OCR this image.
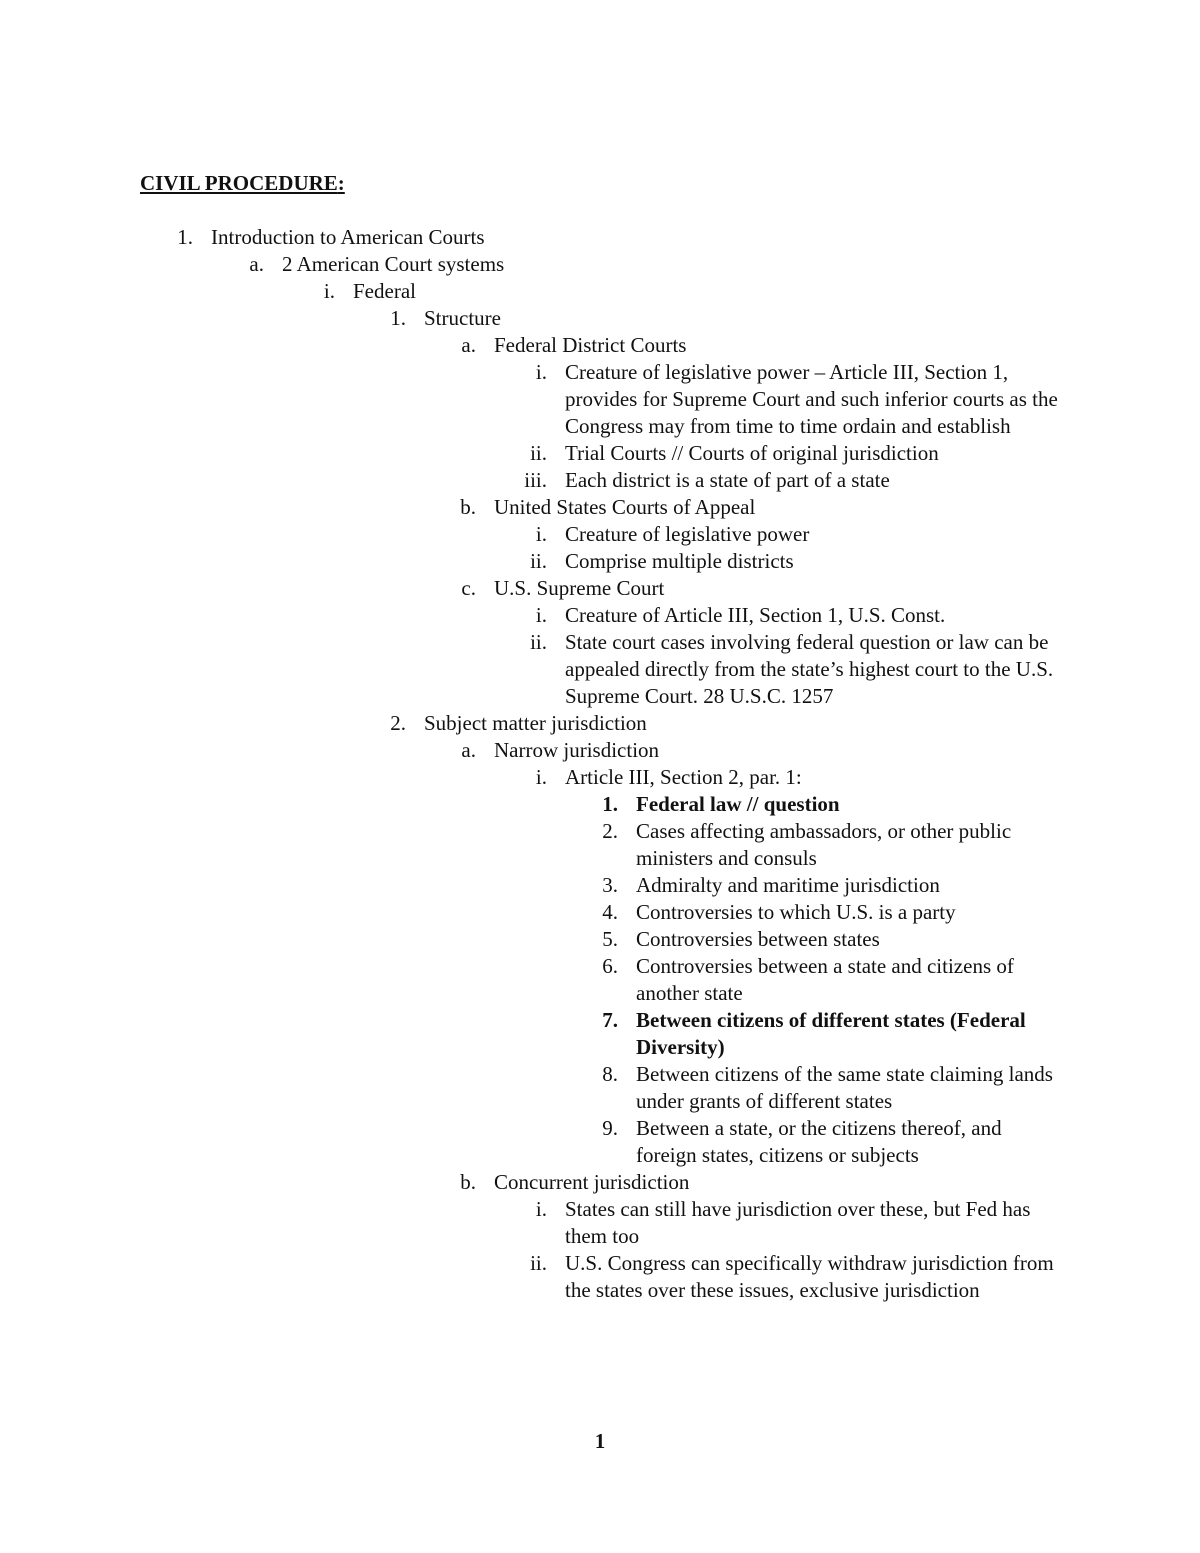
CIVIL PROCEDURE:
1. Introduction to American Courts
a. 2 American Court systems
i. Federal
1. Structure
a. Federal District Courts
i. Creature of legislative power – Article III, Section 1, provides for Supreme Court and such inferior courts as the Congress may from time to time ordain and establish
ii. Trial Courts // Courts of original jurisdiction
iii. Each district is a state of part of a state
b. United States Courts of Appeal
i. Creature of legislative power
ii. Comprise multiple districts
c. U.S. Supreme Court
i. Creature of Article III, Section 1, U.S. Const.
ii. State court cases involving federal question or law can be appealed directly from the state’s highest court to the U.S. Supreme Court. 28 U.S.C. 1257
2. Subject matter jurisdiction
a. Narrow jurisdiction
i. Article III, Section 2, par. 1:
1. Federal law // question
2. Cases affecting ambassadors, or other public ministers and consuls
3. Admiralty and maritime jurisdiction
4. Controversies to which U.S. is a party
5. Controversies between states
6. Controversies between a state and citizens of another state
7. Between citizens of different states (Federal Diversity)
8. Between citizens of the same state claiming lands under grants of different states
9. Between a state, or the citizens thereof, and foreign states, citizens or subjects
b. Concurrent jurisdiction
i. States can still have jurisdiction over these, but Fed has them too
ii. U.S. Congress can specifically withdraw jurisdiction from the states over these issues, exclusive jurisdiction
1
